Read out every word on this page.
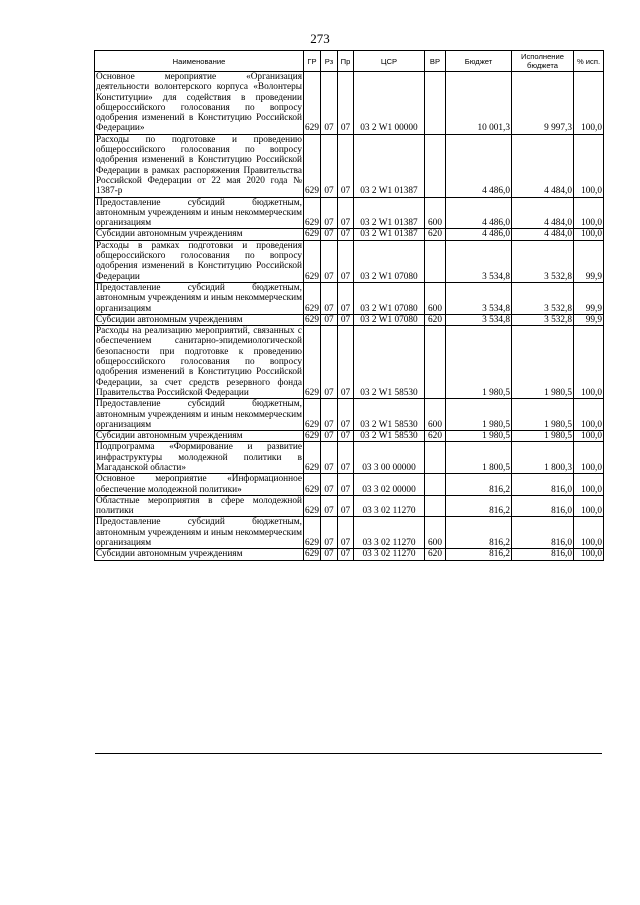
273
Наименование	ГР	Рз	Пр	ЦСР	ВР	Бюджет	Исполнение бюджета	% исп.
Основное мероприятие «Организация деятельности волонтерского корпуса «Волонтеры Конституции» для содействия в проведении общероссийского голосования по вопросу одобрения изменений в Конституцию Российской Федерации»	629	07	07	03 2 W1 00000		10 001,3	9 997,3	100,0
Расходы по подготовке и проведению общероссийского голосования по вопросу одобрения изменений в Конституцию Российской Федерации в рамках распоряжения Правительства Российской Федерации от 22 мая 2020 года № 1387-р	629	07	07	03 2 W1 01387		4 486,0	4 484,0	100,0
Предоставление субсидий бюджетным, автономным учреждениям и иным некоммерческим организациям	629	07	07	03 2 W1 01387	600	4 486,0	4 484,0	100,0
Субсидии автономным учреждениям	629	07	07	03 2 W1 01387	620	4 486,0	4 484,0	100,0
Расходы в рамках подготовки и проведения общероссийского голосования по вопросу одобрения изменений в Конституцию Российской Федерации	629	07	07	03 2 W1 07080		3 534,8	3 532,8	99,9
Предоставление субсидий бюджетным, автономным учреждениям и иным некоммерческим организациям	629	07	07	03 2 W1 07080	600	3 534,8	3 532,8	99,9
Субсидии автономным учреждениям	629	07	07	03 2 W1 07080	620	3 534,8	3 532,8	99,9
Расходы на реализацию мероприятий, связанных с обеспечением санитарно-эпидемиологической безопасности при подготовке к проведению общероссийского голосования по вопросу одобрения изменений в Конституцию Российской Федерации, за счет средств резервного фонда Правительства Российской Федерации	629	07	07	03 2 W1 58530		1 980,5	1 980,5	100,0
Предоставление субсидий бюджетным, автономным учреждениям и иным некоммерческим организациям	629	07	07	03 2 W1 58530	600	1 980,5	1 980,5	100,0
Субсидии автономным учреждениям	629	07	07	03 2 W1 58530	620	1 980,5	1 980,5	100,0
Подпрограмма «Формирование и развитие инфраструктуры молодежной политики в Магаданской области»	629	07	07	03 3 00 00000		1 800,5	1 800,3	100,0
Основное мероприятие «Информационное обеспечение молодежной политики»	629	07	07	03 3 02 00000		816,2	816,0	100,0
Областные мероприятия в сфере молодежной политики	629	07	07	03 3 02 11270		816,2	816,0	100,0
Предоставление субсидий бюджетным, автономным учреждениям и иным некоммерческим организациям	629	07	07	03 3 02 11270	600	816,2	816,0	100,0
Субсидии автономным учреждениям	629	07	07	03 3 02 11270	620	816,2	816,0	100,0
